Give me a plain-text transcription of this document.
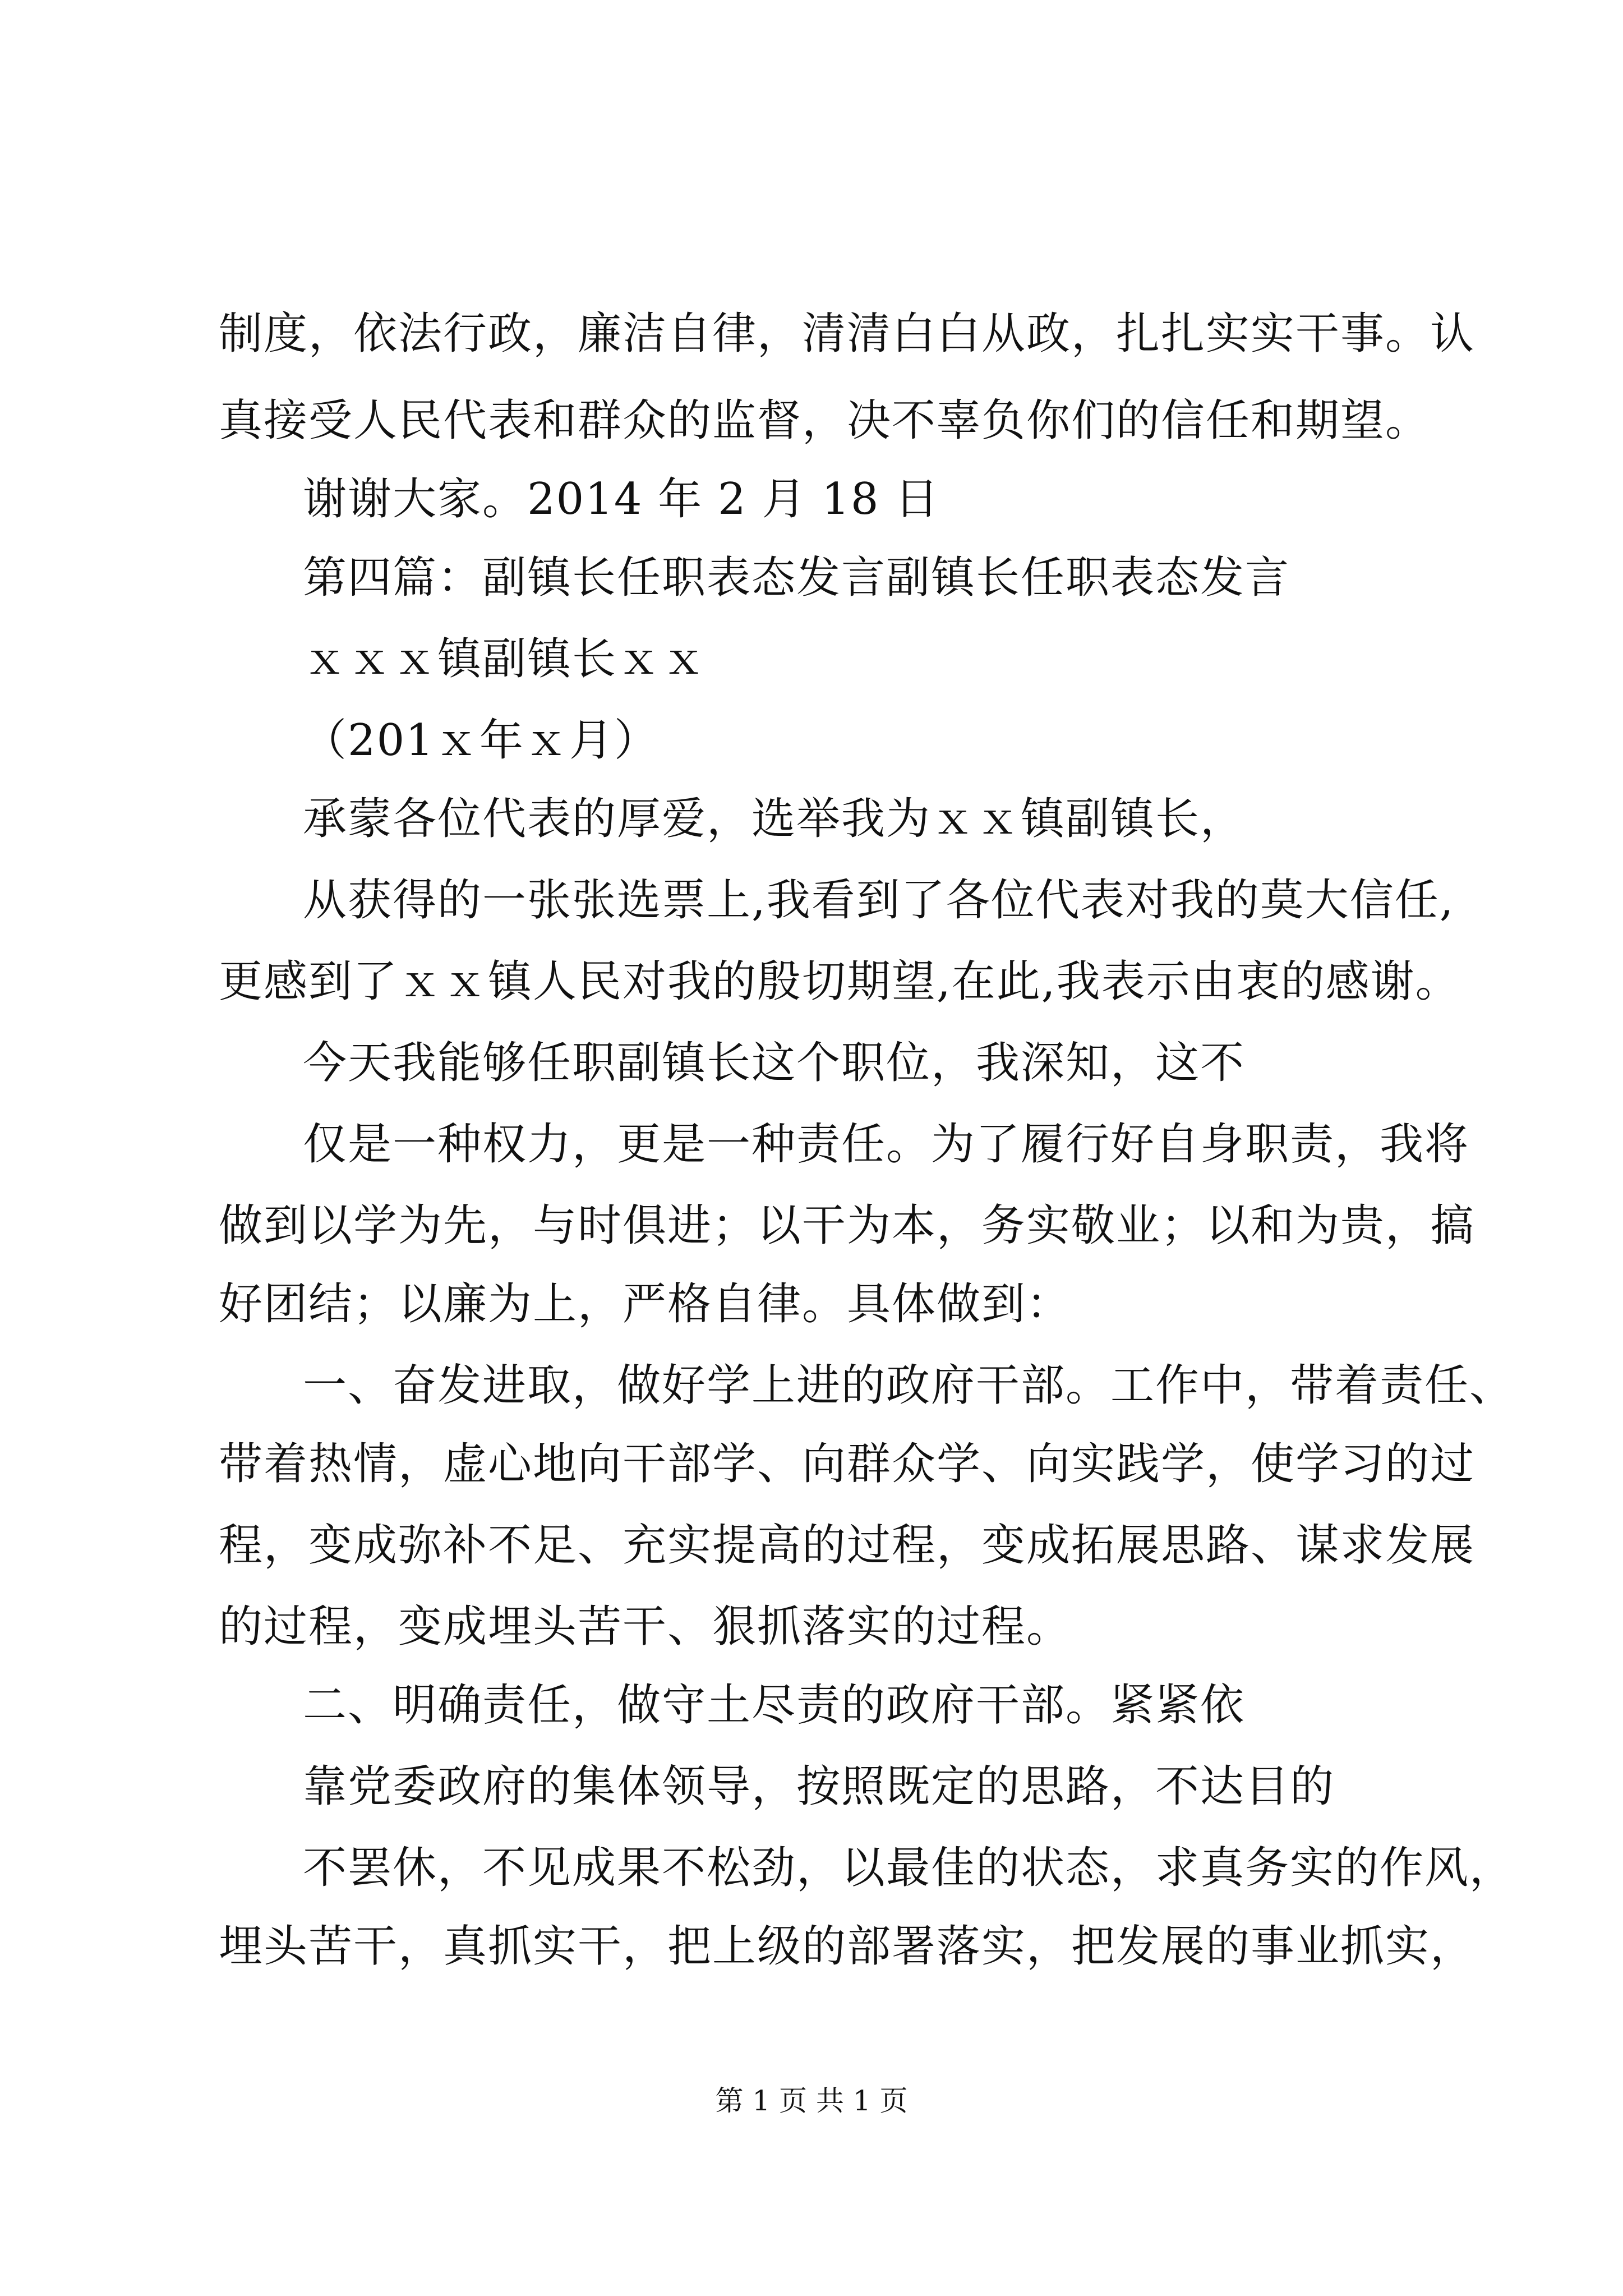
制度，依法行政，廉洁自律，清清白白从政，扎扎实实干事。认
真接受人民代表和群众的监督，决不辜负你们的信任和期望。
谢谢大家。2014 年 2 月 18 日
第四篇：副镇长任职表态发言副镇长任职表态发言
ｘｘｘ镇副镇长ｘｘ
（201ｘ年ｘ月）
承蒙各位代表的厚爱，选举我为ｘｘ镇副镇长，
从获得的一张张选票上,我看到了各位代表对我的莫大信任,
更感到了ｘｘ镇人民对我的殷切期望,在此,我表示由衷的感谢。
今天我能够任职副镇长这个职位，我深知，这不
仅是一种权力，更是一种责任。为了履行好自身职责，我将
做到以学为先，与时俱进；以干为本，务实敬业；以和为贵，搞
好团结；以廉为上，严格自律。具体做到：
一、奋发进取，做好学上进的政府干部。工作中，带着责任、
带着热情，虚心地向干部学、向群众学、向实践学，使学习的过
程，变成弥补不足、充实提高的过程，变成拓展思路、谋求发展
的过程，变成埋头苦干、狠抓落实的过程。
二、明确责任，做守土尽责的政府干部。紧紧依
靠党委政府的集体领导，按照既定的思路，不达目的
不罢休，不见成果不松劲，以最佳的状态，求真务实的作风，
埋头苦干，真抓实干，把上级的部署落实，把发展的事业抓实，
第 1 页 共 1 页
